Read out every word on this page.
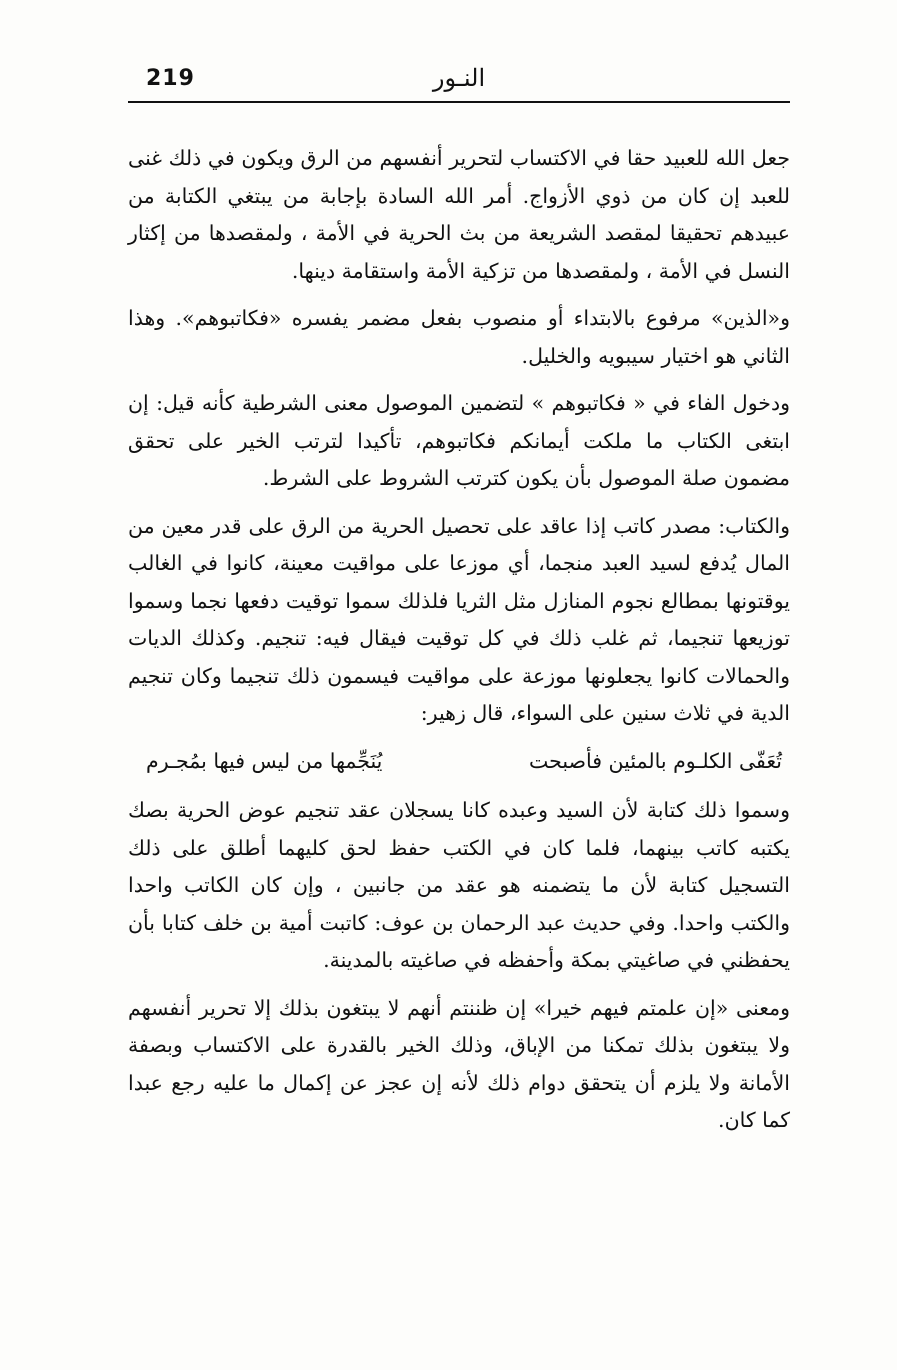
219	النـور

جعل الله للعبيد حقا في الاكتساب لتحرير أنفسهم من الرق ويكون في ذلك غنى للعبد إن كان من ذوي الأزواج. أمر الله السادة بإجابة من يبتغي الكتابة من عبيدهم تحقيقا لمقصد الشريعة من بث الحرية في الأمة ، ولمقصدها من إكثار النسل في الأمة ، ولمقصدها من تزكية الأمة واستقامة دينها.

و«الذين» مرفوع بالابتداء أو منصوب بفعل مضمر يفسره «فكاتبوهم». وهذا الثاني هو اختيار سيبويه والخليل.

ودخول الفاء في « فكاتبوهم » لتضمين الموصول معنى الشرطية كأنه قيل: إن ابتغى الكتاب ما ملكت أيمانكم فكاتبوهم، تأكيدا لترتب الخير على تحقق مضمون صلة الموصول بأن يكون كترتب الشروط على الشرط.

والكتاب: مصدر كاتب إذا عاقد على تحصيل الحرية من الرق على قدر معين من المال يُدفع لسيد العبد منجما، أي موزعا على مواقيت معينة، كانوا في الغالب يوقتونها بمطالع نجوم المنازل مثل الثريا فلذلك سموا توقيت دفعها نجما وسموا توزيعها تنجيما، ثم غلب ذلك في كل توقيت فيقال فيه: تنجيم. وكذلك الديات والحمالات كانوا يجعلونها موزعة على مواقيت فيسمون ذلك تنجيما وكان تنجيم الدية في ثلاث سنين على السواء، قال زهير:

تُعَفّى الكلـوم بالمئين فأصبحت
يُنَجِّمها من ليس فيها بمُجـرم

وسموا ذلك كتابة لأن السيد وعبده كانا يسجلان عقد تنجيم عوض الحرية بصك يكتبه كاتب بينهما، فلما كان في الكتب حفظ لحق كليهما أطلق على ذلك التسجيل كتابة لأن ما يتضمنه هو عقد من جانبين ، وإن كان الكاتب واحدا والكتب واحدا. وفي حديث عبد الرحمان بن عوف: كاتبت أمية بن خلف كتابا بأن يحفظني في صاغيتي بمكة وأحفظه في صاغيته بالمدينة.

ومعنى «إن علمتم فيهم خيرا» إن ظننتم أنهم لا يبتغون بذلك إلا تحرير أنفسهم ولا يبتغون بذلك تمكنا من الإباق، وذلك الخير بالقدرة على الاكتساب وبصفة الأمانة ولا يلزم أن يتحقق دوام ذلك لأنه إن عجز عن إكمال ما عليه رجع عبدا كما كان.
